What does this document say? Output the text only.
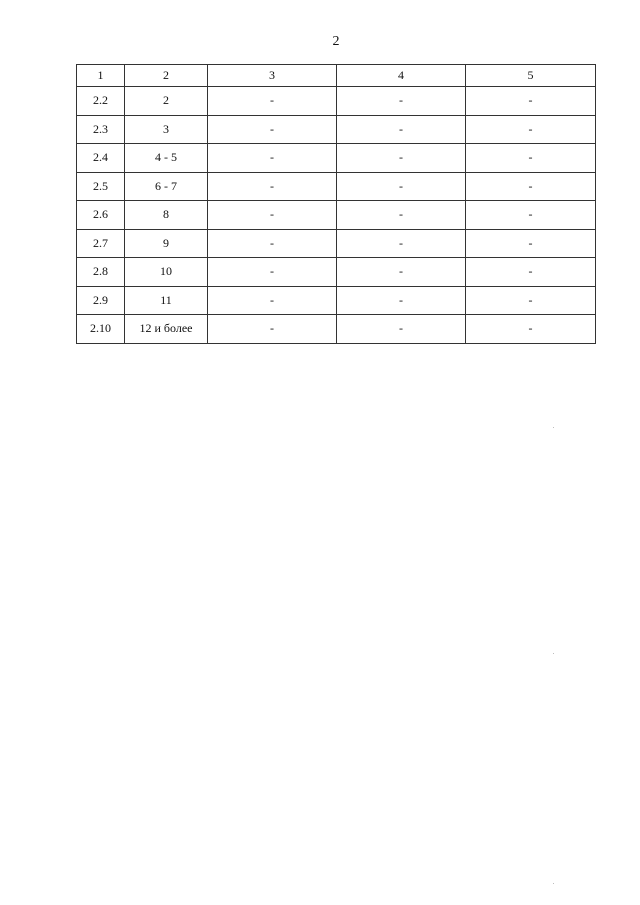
2
1	2	3	4	5
2.2	2	-	-	-
2.3	3	-	-	-
2.4	4 - 5	-	-	-
2.5	6 - 7	-	-	-
2.6	8	-	-	-
2.7	9	-	-	-
2.8	10	-	-	-
2.9	11	-	-	-
2.10	12 и более	-	-	-
